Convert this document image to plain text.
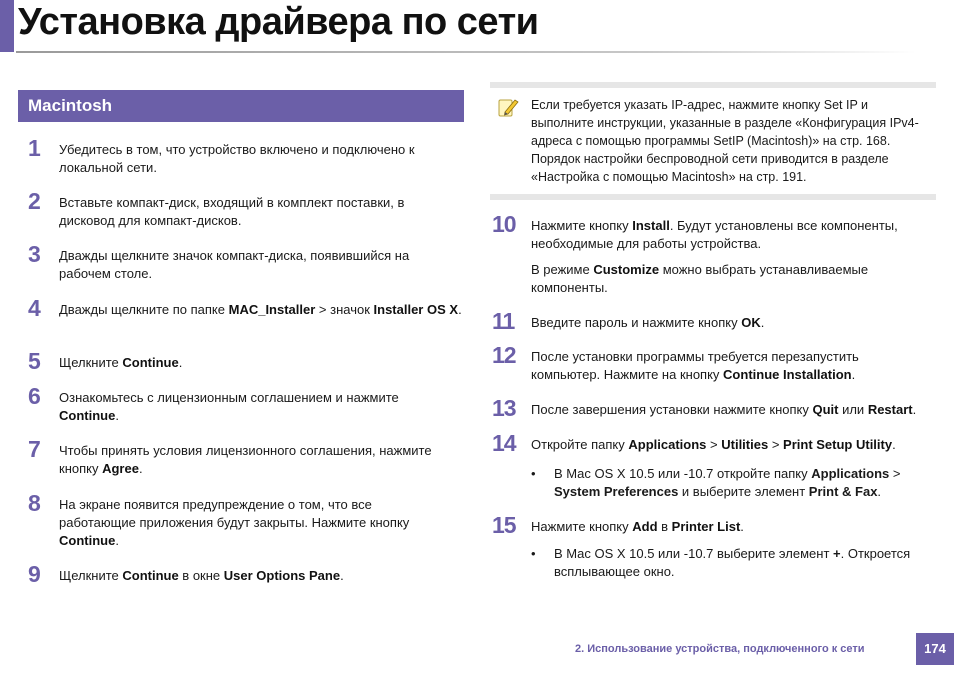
Установка драйвера по сети
Macintosh
1	Убедитесь в том, что устройство включено и подключено к локальной сети.
2	Вставьте компакт-диск, входящий в комплект поставки, в дисковод для компакт-дисков.
3	Дважды щелкните значок компакт-диска, появившийся на рабочем столе.
4	Дважды щелкните по папке MAC_Installer > значок Installer OS X.
5	Щелкните Continue.
6	Ознакомьтесь с лицензионным соглашением и нажмите Continue.
7	Чтобы принять условия лицензионного соглашения, нажмите кнопку Agree.
8	На экране появится предупреждение о том, что все работающие приложения будут закрыты. Нажмите кнопку Continue.
9	Щелкните Continue в окне User Options Pane.
Если требуется указать IP-адрес, нажмите кнопку Set IP и выполните инструкции, указанные в разделе «Конфигурация IPv4-адреса с помощью программы SetIP (Macintosh)» на стр. 168. Порядок настройки беспроводной сети приводится в разделе «Настройка с помощью Macintosh» на стр. 191.
10	Нажмите кнопку Install. Будут установлены все компоненты, необходимые для работы устройства.
В режиме Customize можно выбрать устанавливаемые компоненты.
11	Введите пароль и нажмите кнопку OK.
12	После установки программы требуется перезапустить компьютер. Нажмите на кнопку Continue Installation.
13	После завершения установки нажмите кнопку Quit или Restart.
14	Откройте папку Applications > Utilities > Print Setup Utility.
• В Mac OS X 10.5 или -10.7 откройте папку Applications > System Preferences и выберите элемент Print & Fax.
15	Нажмите кнопку Add в Printer List.
• В Mac OS X 10.5 или -10.7 выберите элемент +. Откроется всплывающее окно.
2. Использование устройства, подключенного к сети	174
